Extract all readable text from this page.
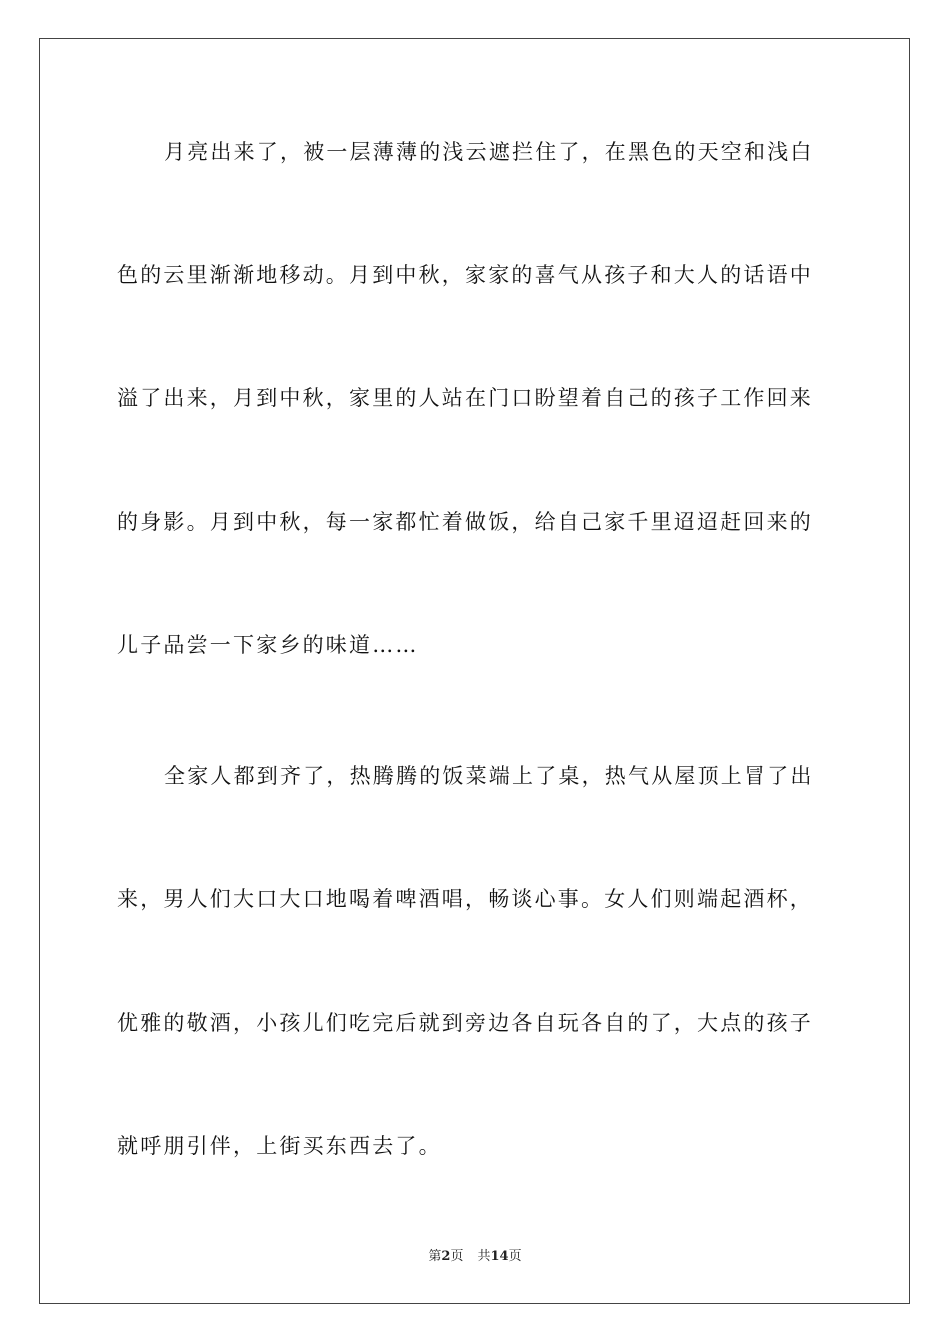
月亮出来了，被一层薄薄的浅云遮拦住了，在黑色的天空和浅白
色的云里渐渐地移动。月到中秋，家家的喜气从孩子和大人的话语中
溢了出来，月到中秋，家里的人站在门口盼望着自己的孩子工作回来
的身影。月到中秋，每一家都忙着做饭，给自己家千里迢迢赶回来的
儿子品尝一下家乡的味道……
全家人都到齐了，热腾腾的饭菜端上了桌，热气从屋顶上冒了出
来，男人们大口大口地喝着啤酒唱，畅谈心事。女人们则端起酒杯，
优雅的敬酒，小孩儿们吃完后就到旁边各自玩各自的了，大点的孩子
就呼朋引伴，上街买东西去了。
第2页 共14页
